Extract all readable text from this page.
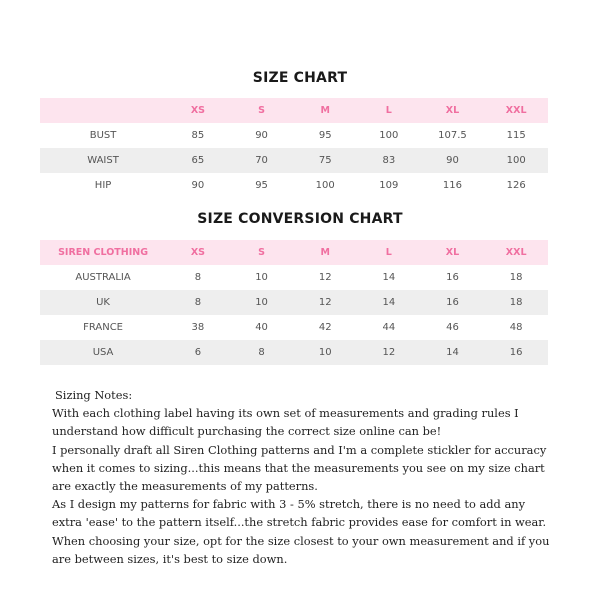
SIZE CHART
	XS	S	M	L	XL	XXL
BUST	85	90	95	100	107.5	115
WAIST	65	70	75	83	90	100
HIP	90	95	100	109	116	126
SIZE CONVERSION CHART
SIREN CLOTHING	XS	S	M	L	XL	XXL
AUSTRALIA	8	10	12	14	16	18
UK	8	10	12	14	16	18
FRANCE	38	40	42	44	46	48
USA	6	8	10	12	14	16

Sizing Notes:

With each clothing label having its own set of measurements and grading rules I understand how difficult purchasing the correct size online can be!

I personally draft all Siren Clothing patterns and I'm a complete stickler for accuracy when it comes to sizing...this means that the measurements you see on my size chart are exactly the measurements of my patterns.

As I design my patterns for fabric with 3 - 5% stretch, there is no need to add any extra 'ease' to the pattern itself...the stretch fabric provides ease for comfort in wear.

When choosing your size, opt for the size closest to your own measurement and if you are between sizes, it's best to size down.
